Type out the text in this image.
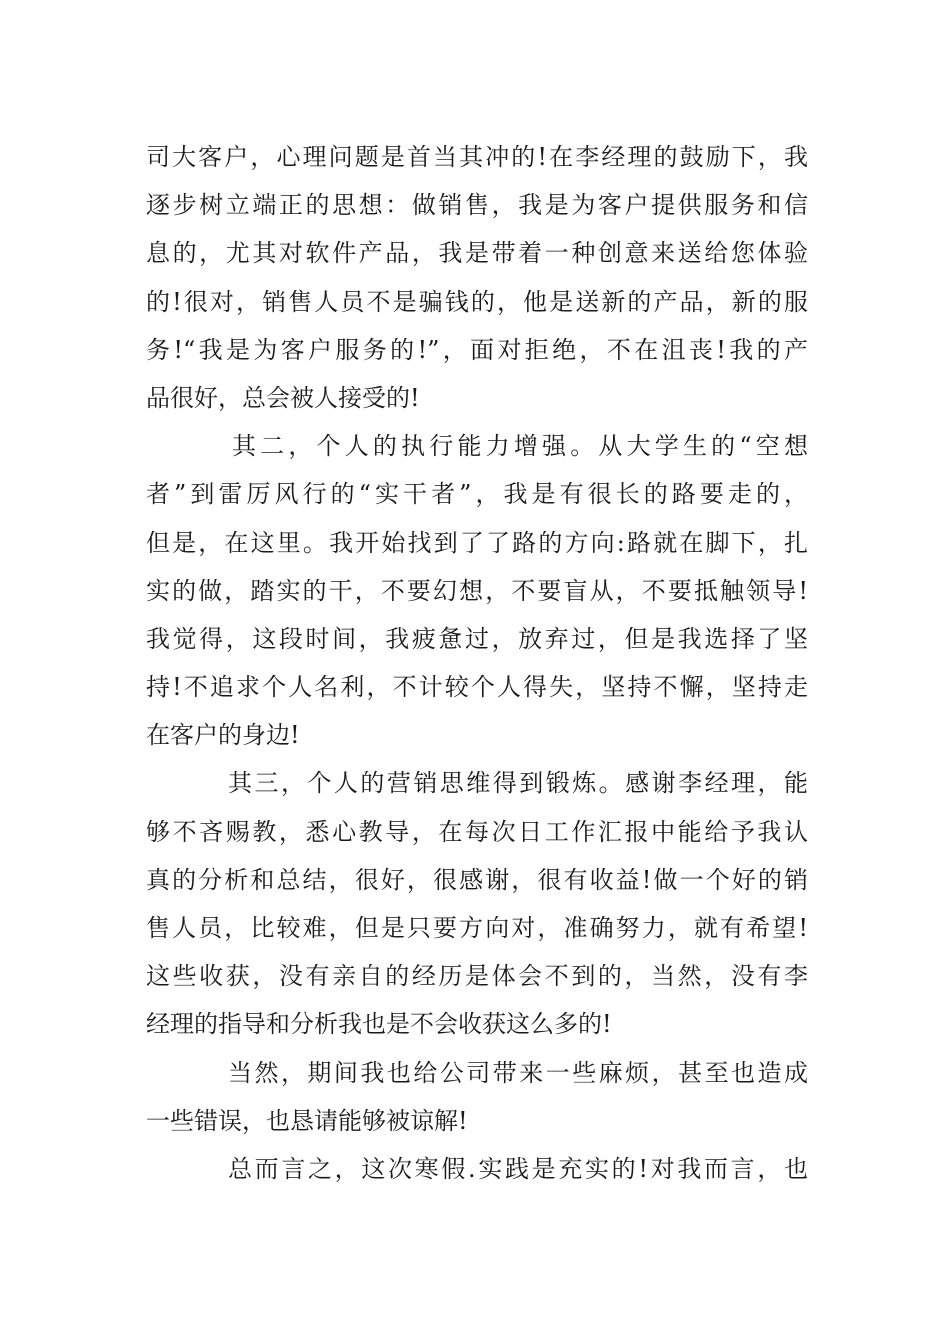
司大客户，心理问题是首当其冲的!在李经理的鼓励下，我
逐步树立端正的思想：做销售，我是为客户提供服务和信
息的，尤其对软件产品，我是带着一种创意来送给您体验
的!很对，销售人员不是骗钱的，他是送新的产品，新的服
务!“我是为客户服务的!”，面对拒绝，不在沮丧!我的产
品很好，总会被人接受的!
其二，个人的执行能力增强。从大学生的“空想
者”到雷厉风行的“实干者”，我是有很长的路要走的，
但是，在这里。我开始找到了了路的方向:路就在脚下，扎
实的做，踏实的干，不要幻想，不要盲从，不要抵触领导!
我觉得，这段时间，我疲惫过，放弃过，但是我选择了坚
持!不追求个人名利，不计较个人得失，坚持不懈，坚持走
在客户的身边!
其三，个人的营销思维得到锻炼。感谢李经理，能
够不吝赐教，悉心教导，在每次日工作汇报中能给予我认
真的分析和总结，很好，很感谢，很有收益!做一个好的销
售人员，比较难，但是只要方向对，准确努力，就有希望!
这些收获，没有亲自的经历是体会不到的，当然，没有李
经理的指导和分析我也是不会收获这么多的!
当然，期间我也给公司带来一些麻烦，甚至也造成
一些错误，也恳请能够被谅解!
总而言之，这次寒假.实践是充实的!对我而言，也
